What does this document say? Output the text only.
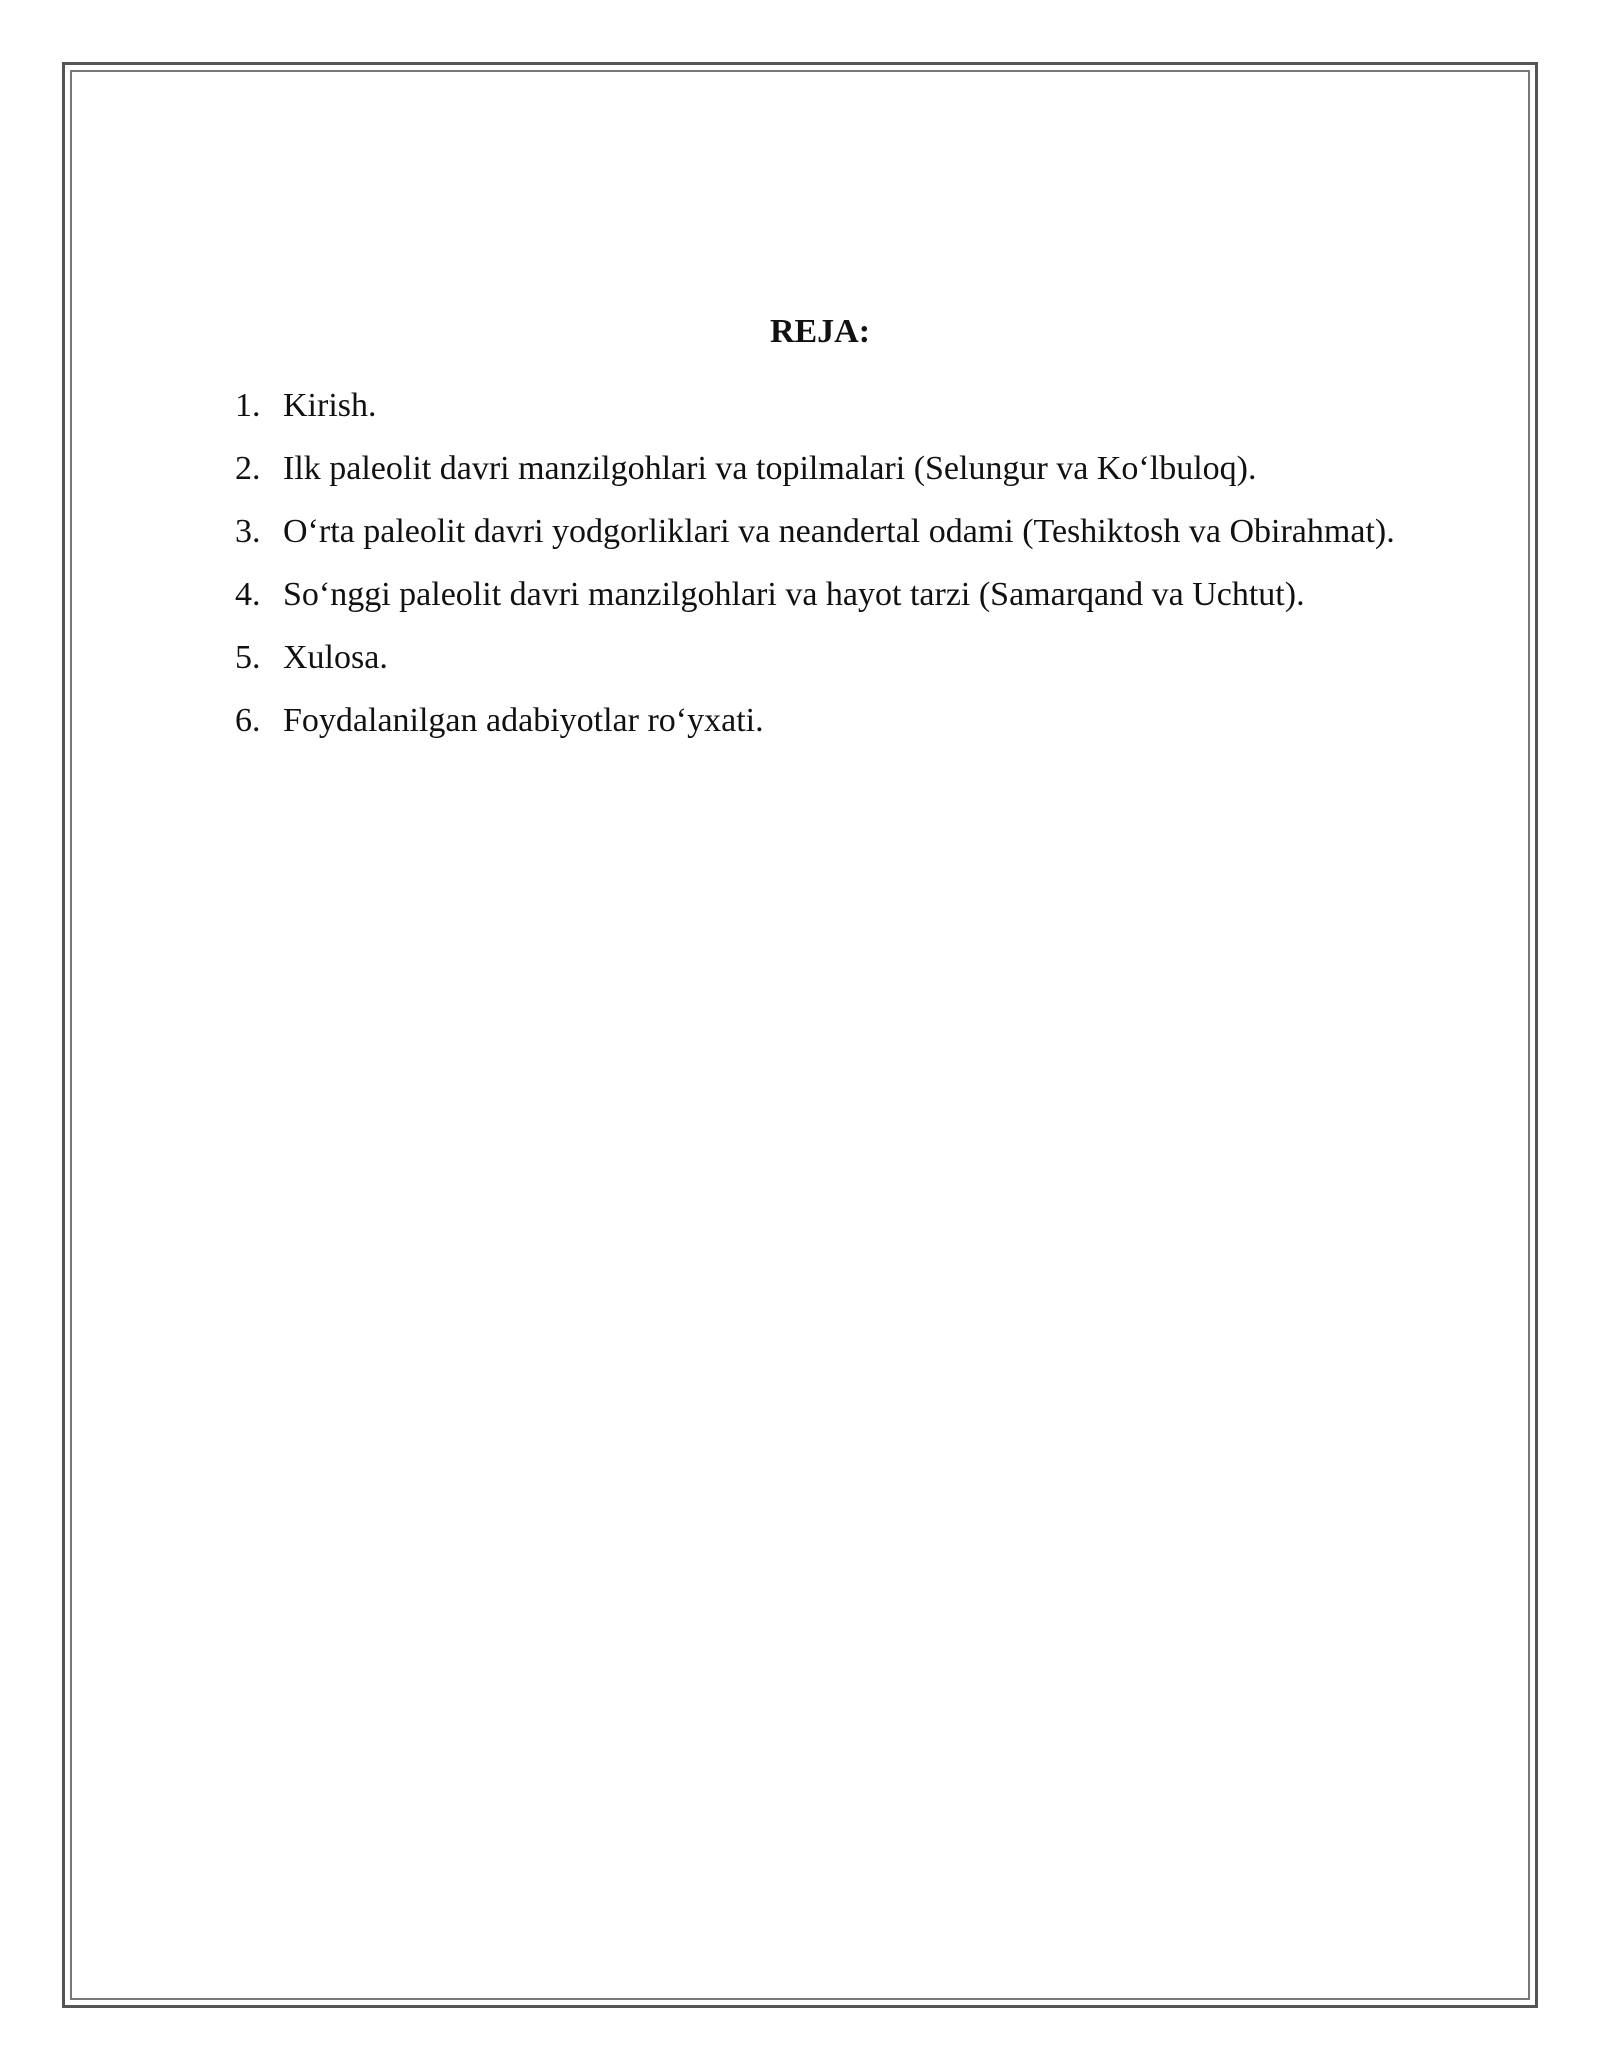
REJA:
1. Kirish.
2. Ilk paleolit davri manzilgohlari va topilmalari (Selungur va Ko‘lbuloq).
3. O‘rta paleolit davri yodgorliklari va neandertal odami (Teshiktosh va Obirahmat).
4. So‘nggi paleolit davri manzilgohlari va hayot tarzi (Samarqand va Uchtut).
5. Xulosa.
6. Foydalanilgan adabiyotlar ro‘yxati.
